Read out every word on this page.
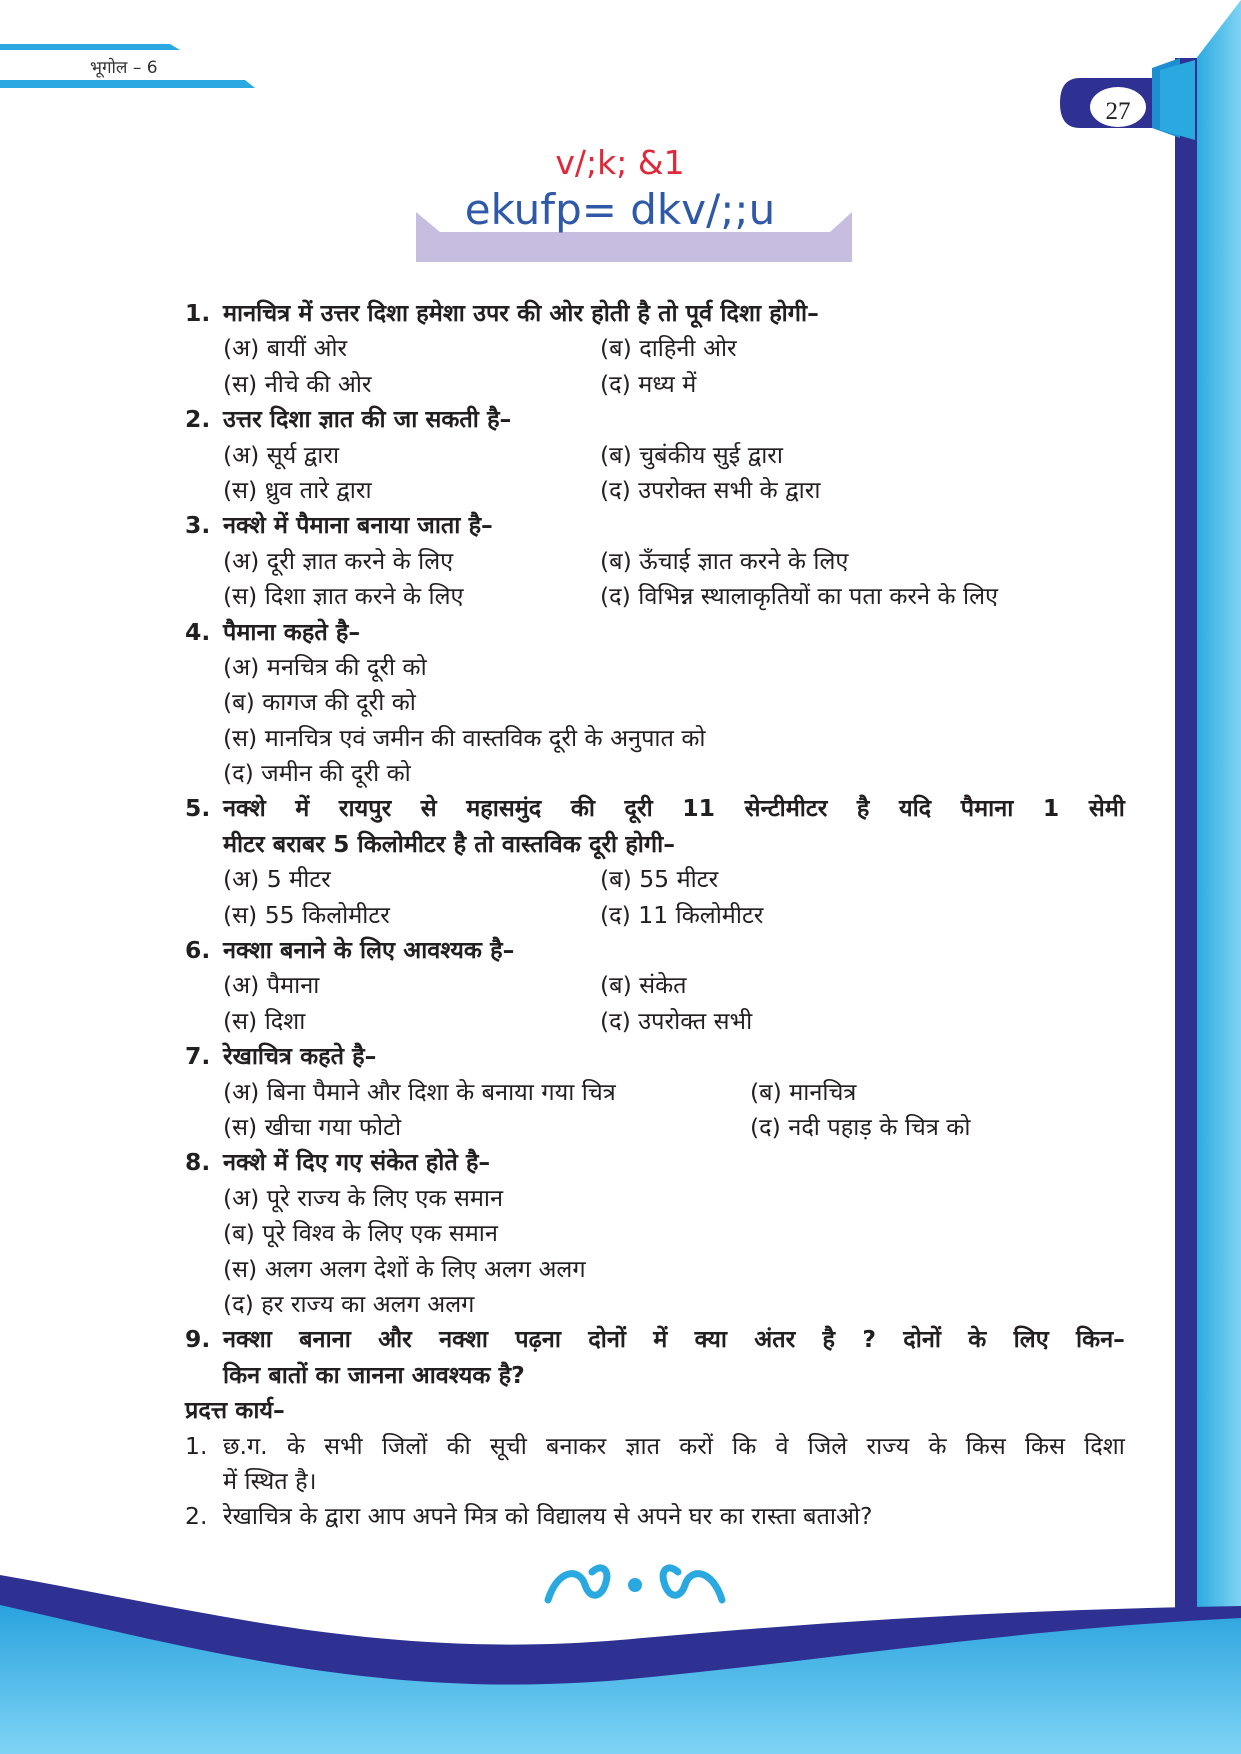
भूगोल – 6
27
v/;k; &1
ekufp= dkv/;;u
1. मानचित्र में उत्तर दिशा हमेशा उपर की ओर होती है तो पूर्व दिशा होगी–
(अ) बायीं ओर	(ब) दाहिनी ओर
(स) नीचे की ओर	(द) मध्य में
2. उत्तर दिशा ज्ञात की जा सकती है–
(अ) सूर्य द्वारा	(ब) चुबंकीय सुई द्वारा
(स) ध्रुव तारे द्वारा	(द) उपरोक्त सभी के द्वारा
3. नक्शे में पैमाना बनाया जाता है–
(अ) दूरी ज्ञात करने के लिए	(ब) ऊँचाई ज्ञात करने के लिए
(स) दिशा ज्ञात करने के लिए	(द) विभिन्न स्थालाकृतियों का पता करने के लिए
4. पैमाना कहते है–
(अ) मनचित्र की दूरी को
(ब) कागज की दूरी को
(स) मानचित्र एवं जमीन की वास्तविक दूरी के अनुपात को
(द) जमीन की दूरी को
5. नक्शे में रायपुर से महासमुंद की दूरी 11 सेन्टीमीटर है यदि पैमाना 1 सेमी
मीटर बराबर 5 किलोमीटर है तो वास्तविक दूरी होगी–
(अ) 5 मीटर	(ब) 55 मीटर
(स) 55 किलोमीटर	(द) 11 किलोमीटर
6. नक्शा बनाने के लिए आवश्यक है–
(अ) पैमाना	(ब) संकेत
(स) दिशा	(द) उपरोक्त सभी
7. रेखाचित्र कहते है–
(अ) बिना पैमाने और दिशा के बनाया गया चित्र	(ब) मानचित्र
(स) खीचा गया फोटो	(द) नदी पहाड़ के चित्र को
8. नक्शे में दिए गए संकेत होते है–
(अ) पूरे राज्य के लिए एक समान
(ब) पूरे विश्व के लिए एक समान
(स) अलग अलग देशों के लिए अलग अलग
(द) हर राज्य का अलग अलग
9. नक्शा बनाना और नक्शा पढ़ना दोनों में क्या अंतर है ? दोनों के लिए किन–
किन बातों का जानना आवश्यक है?
प्रदत्त कार्य–
1. छ.ग. के सभी जिलों की सूची बनाकर ज्ञात करों कि वे जिले राज्य के किस किस दिशा
में स्थित है।
2. रेखाचित्र के द्वारा आप अपने मित्र को विद्यालय से अपने घर का रास्ता बताओ?
